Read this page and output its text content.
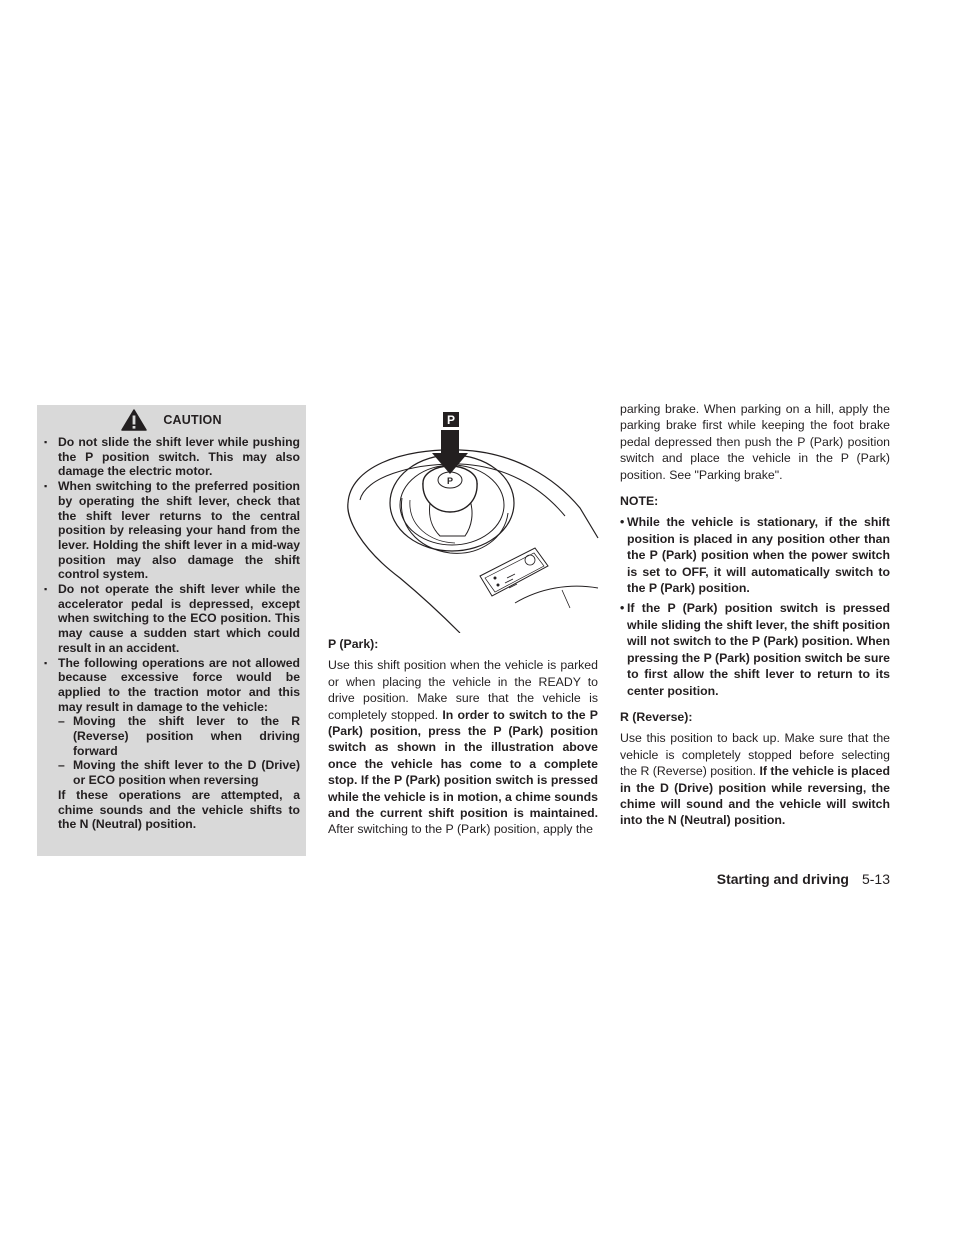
CAUTION
▪ Do not slide the shift lever while pushing the P position switch. This may also damage the electric motor.
▪ When switching to the preferred position by operating the shift lever, check that the shift lever returns to the central position by releasing your hand from the lever. Holding the shift lever in a mid-way position may also damage the shift control system.
▪ Do not operate the shift lever while the accelerator pedal is depressed, except when switching to the ECO position. This may cause a sudden start which could result in an accident.
▪ The following operations are not allowed because excessive force would be applied to the traction motor and this may result in damage to the vehicle:
– Moving the shift lever to the R (Reverse) position when driving forward
– Moving the shift lever to the D (Drive) or ECO position when reversing
If these operations are attempted, a chime sounds and the vehicle shifts to the N (Neutral) position.
P
P

P (Park):

Use this shift position when the vehicle is parked or when placing the vehicle in the READY to drive position. Make sure that the vehicle is completely stopped. In order to switch to the P (Park) position, press the P (Park) position switch as shown in the illustration above once the vehicle has come to a complete stop. If the P (Park) position switch is pressed while the vehicle is in motion, a chime sounds and the current shift position is maintained. After switching to the P (Park) position, apply the

parking brake. When parking on a hill, apply the parking brake first while keeping the foot brake pedal depressed then push the P (Park) position switch and place the vehicle in the P (Park) position. See "Parking brake".

NOTE:

• While the vehicle is stationary, if the shift position is placed in any position other than the P (Park) position when the power switch is set to OFF, it will automatically switch to the P (Park) position.
• If the P (Park) position switch is pressed while sliding the shift lever, the shift position will not switch to the P (Park) position. When pressing the P (Park) position switch be sure to first allow the shift lever to return to its center position.

R (Reverse):

Use this position to back up. Make sure that the vehicle is completely stopped before selecting the R (Reverse) position. If the vehicle is placed in the D (Drive) position while reversing, the chime will sound and the vehicle will switch into the N (Neutral) position.

Starting and driving 5-13
